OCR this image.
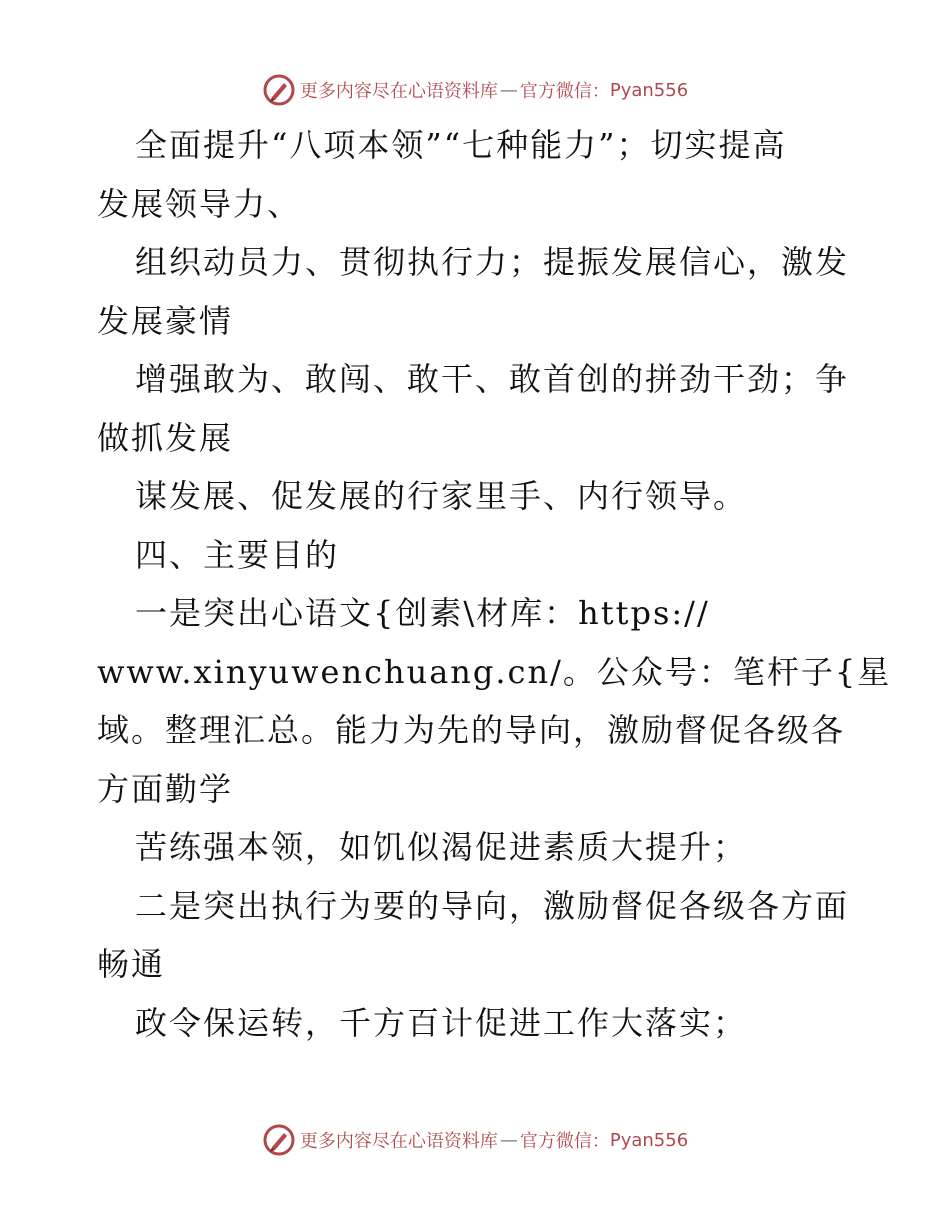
更多内容尽在心语资料库 — 官方微信： Pyan556
全面提升“八项本领”“七种能力”；切实提高
发展领导力、
组织动员力、贯彻执行力；提振发展信心，激发
发展豪情
增强敢为、敢闯、敢干、敢首创的拼劲干劲；争
做抓发展
谋发展、促发展的行家里手、内行领导。
四、主要目的
一是突出心语文{创素\材库：https://
www.xinyuwenchuang.cn/。公众号：笔杆子{星
域。整理汇总。能力为先的导向，激励督促各级各
方面勤学
苦练强本领，如饥似渴促进素质大提升；
二是突出执行为要的导向，激励督促各级各方面
畅通
政令保运转，千方百计促进工作大落实；
更多内容尽在心语资料库 — 官方微信： Pyan556
